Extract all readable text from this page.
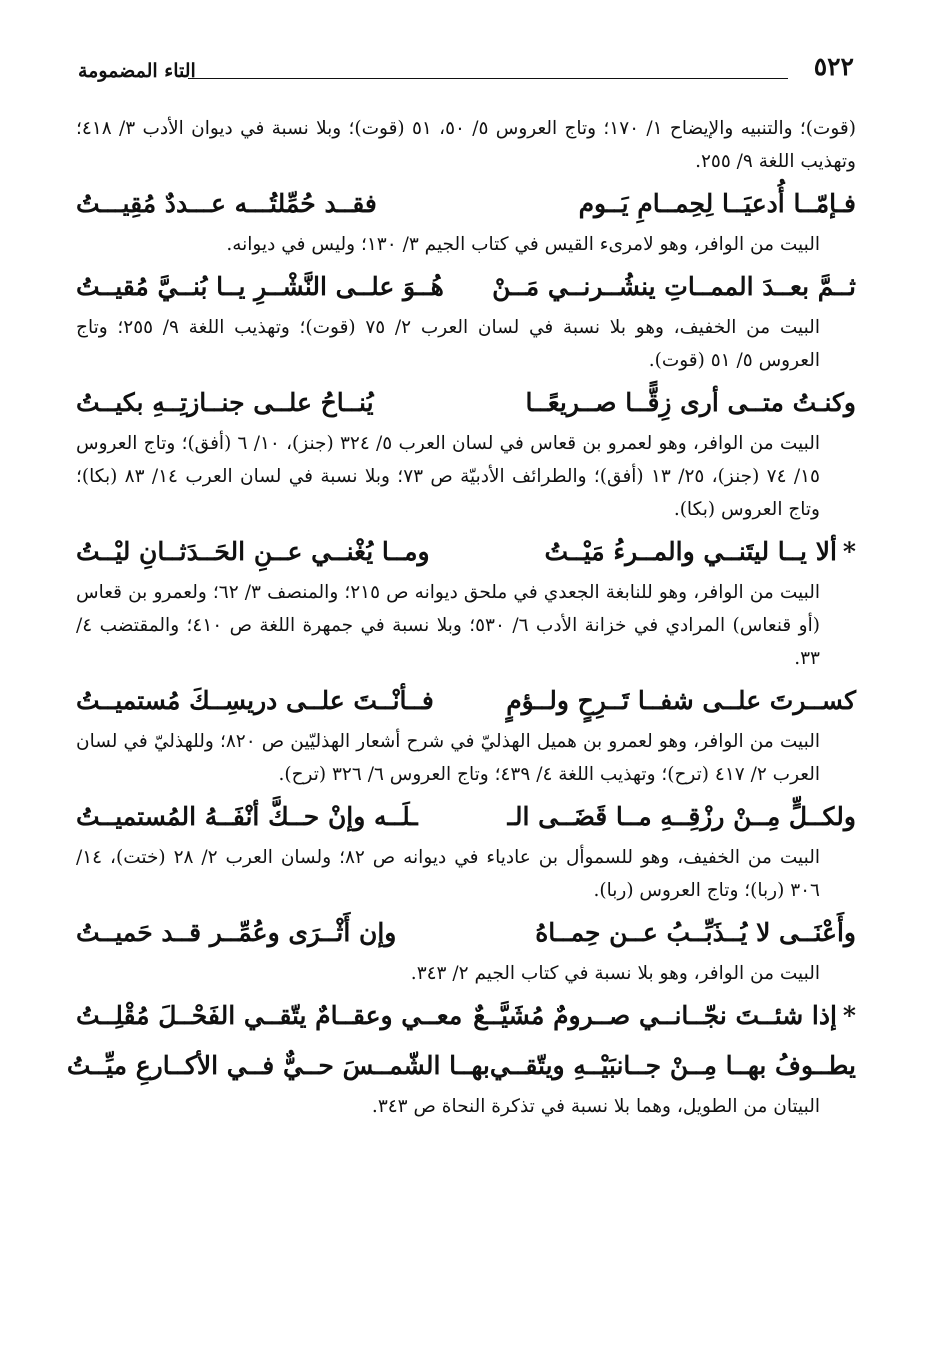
٥٢٢
التاء المضمومة

(قوت)؛ والتنبيه والإيضاح ١/ ١٧٠؛ وتاج العروس ٥/ ٥٠، ٥١ (قوت)؛ وبلا نسبة في ديوان الأدب ٣/ ٤١٨؛ وتهذيب اللغة ٩/ ٢٥٥.

فـإمّــا أُدعيَــا لِحِمــامِ يَــوم
فقــد حُمِّلتُـــه عـــددٌ مُقِيـــتُ

البيت من الوافر، وهو لامرىء القيس في كتاب الجيم ٣/ ١٣٠؛ وليس في ديوانه.

ثــمَّ بعــدَ الممــاتِ ينشُــرنــي مَــنْ
هُــوَ علــى النَّشْــرِ يــا بُنــيَّ مُقيــتُ

البيت من الخفيف، وهو بلا نسبة في لسان العرب ٢/ ٧٥ (قوت)؛ وتهذيب اللغة ٩/ ٢٥٥؛ وتاج العروس ٥/ ٥١ (قوت).

وكنـتُ متــى أرى زِقًّــا صــريعًــا
يُنــاحُ علــى جنــازتِــهِ بكيــتُ

البيت من الوافر، وهو لعمرو بن قعاس في لسان العرب ٥/ ٣٢٤ (جنز)، ١٠/ ٦ (أفق)؛ وتاج العروس ١٥/ ٧٤ (جنز)، ٢٥/ ١٣ (أفق)؛ والطرائف الأدبيّة ص ٧٣؛ وبلا نسبة في لسان العرب ١٤/ ٨٣ (بكا)؛ وتاج العروس (بكا).

*ألا يــا ليتَنــي والمــرءُ مَيْــتُ
ومــا يُغْنــي عــنِ الحَــدَثــانِ ليْــتُ

البيت من الوافر، وهو للنابغة الجعدي في ملحق ديوانه ص ٢١٥؛ والمنصف ٣/ ٦٢؛ ولعمرو بن قعاس (أو قنعاس) المرادي في خزانة الأدب ٦/ ٥٣٠؛ وبلا نسبة في جمهرة اللغة ص ٤١٠؛ والمقتضب ٤/ ٣٣.

كســرتَ علــى شفــا تَــرِحٍ ولــؤمٍ
فــأنْــتَ علــى دريسِــكَ مُستميــتُ

البيت من الوافر، وهو لعمرو بن هميل الهذليّ في شرح أشعار الهذليّين ص ٨٢٠؛ وللهذليّ في لسان العرب ٢/ ٤١٧ (ترح)؛ وتهذيب اللغة ٤/ ٤٣٩؛ وتاج العروس ٦/ ٣٢٦ (ترح).

ولكــلٍّ مِــنْ رزْقِــهِ مــا قَضَــى الـ
ـلَــه وإنْ حــكَّ أنْفَــهُ المُستميــتُ

البيت من الخفيف، وهو للسموأل بن عادياء في ديوانه ص ٨٢؛ ولسان العرب ٢/ ٢٨ (ختت)، ١٤/ ٣٠٦ (ربا)؛ وتاج العروس (ربا).

وأَعْنَــى لا يُــذَبِّــبُ عــن حِمــاهُ
وإن أَثْــرَى وعُمِّــر قــد حَميــتُ

البيت من الوافر، وهو بلا نسبة في كتاب الجيم ٢/ ٣٤٣.

*إذا شئــتَ نجّــانــي صــرومٌ مُشَيَّــعٌ
معــي وعقــامٌ يتّقــي الفَحْــلَ مُقْلِــتُ
يطــوفُ بهــا مِــنْ جــانبَيْــهِ ويتّقــي
بهــا الشّمــسَ حــيٌّ فــي الأكــارعِ ميِّــتُ

البيتان من الطويل، وهما بلا نسبة في تذكرة النحاة ص ٣٤٣.
